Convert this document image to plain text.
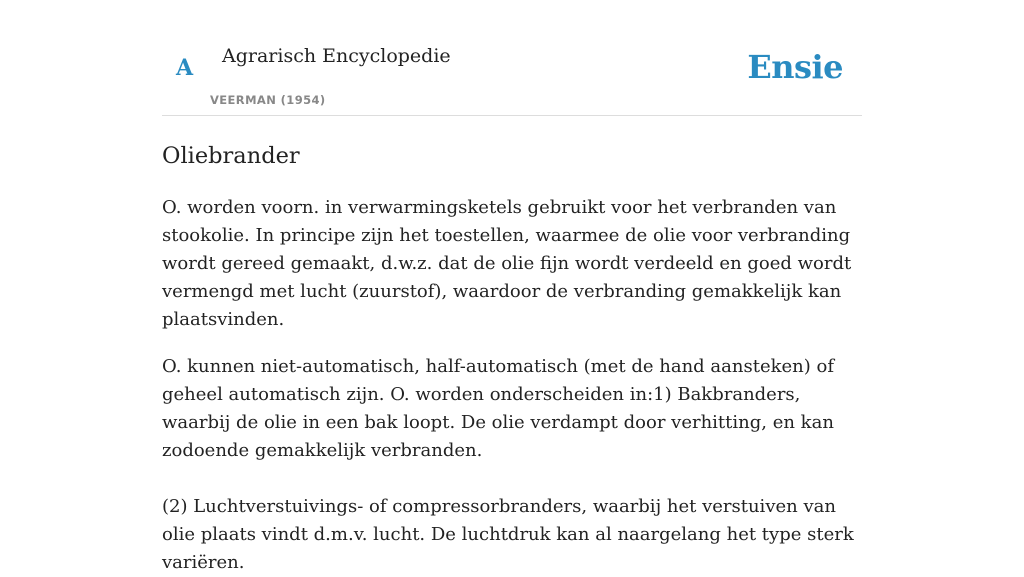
A Agrarisch Encyclopedie
VEERMAN (1954)
Ensie
Oliebrander

O. worden voorn. in verwarmingsketels gebruikt voor het verbranden van stookolie. In principe zijn het toestellen, waarmee de olie voor verbranding wordt gereed gemaakt, d.w.z. dat de olie fijn wordt verdeeld en goed wordt vermengd met lucht (zuurstof), waardoor de verbranding gemakkelijk kan plaatsvinden.

O. kunnen niet-automatisch, half-automatisch (met de hand aansteken) of geheel automatisch zijn. O. worden onderscheiden in:1) Bakbranders, waarbij de olie in een bak loopt. De olie verdampt door verhitting, en kan zodoende gemakkelijk verbranden.

(2) Luchtverstuivings- of compressorbranders, waarbij het verstuiven van olie plaats vindt d.m.v. lucht. De luchtdruk kan al naargelang het type sterk variëren.
